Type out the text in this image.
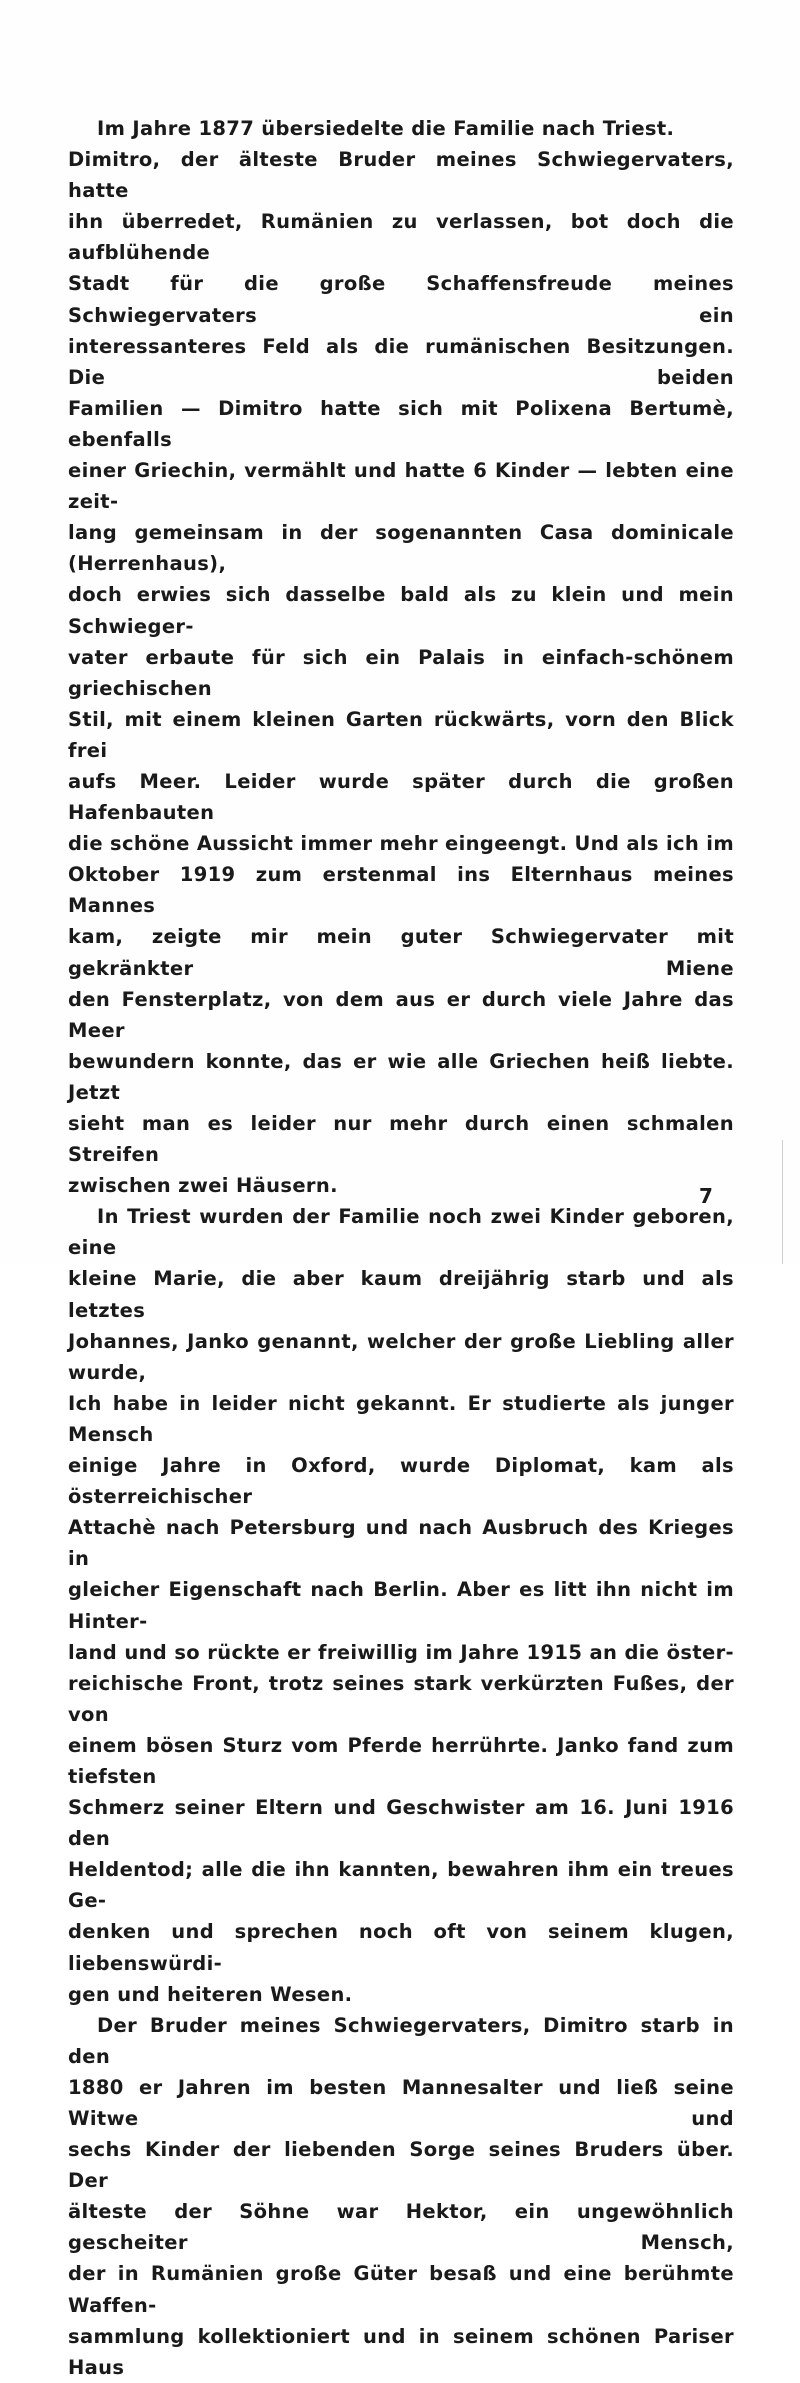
Im Jahre 1877 übersiedelte die Familie nach Triest.

Dimitro, der älteste Bruder meines Schwiegervaters, hatte

ihn überredet, Rumänien zu verlassen, bot doch die aufblühende

Stadt für die große Schaffensfreude meines Schwiegervaters ein

interessanteres Feld als die rumänischen Besitzungen. Die beiden

Familien — Dimitro hatte sich mit Polixena Bertumè, ebenfalls

einer Griechin, vermählt und hatte 6 Kinder — lebten eine zeit-

lang gemeinsam in der sogenannten Casa dominicale (Herrenhaus),

doch erwies sich dasselbe bald als zu klein und mein Schwieger-

vater erbaute für sich ein Palais in einfach-schönem griechischen

Stil, mit einem kleinen Garten rückwärts, vorn den Blick frei

aufs Meer. Leider wurde später durch die großen Hafenbauten

die schöne Aussicht immer mehr eingeengt. Und als ich im

Oktober 1919 zum erstenmal ins Elternhaus meines Mannes

kam, zeigte mir mein guter Schwiegervater mit gekränkter Miene

den Fensterplatz, von dem aus er durch viele Jahre das Meer

bewundern konnte, das er wie alle Griechen heiß liebte. Jetzt

sieht man es leider nur mehr durch einen schmalen Streifen

zwischen zwei Häusern.

In Triest wurden der Familie noch zwei Kinder geboren, eine

kleine Marie, die aber kaum dreijährig starb und als letztes

Johannes, Janko genannt, welcher der große Liebling aller wurde,

Ich habe in leider nicht gekannt. Er studierte als junger Mensch

einige Jahre in Oxford, wurde Diplomat, kam als österreichischer

Attachè nach Petersburg und nach Ausbruch des Krieges in

gleicher Eigenschaft nach Berlin. Aber es litt ihn nicht im Hinter-

land und so rückte er freiwillig im Jahre 1915 an die öster-

reichische Front, trotz seines stark verkürzten Fußes, der von

einem bösen Sturz vom Pferde herrührte. Janko fand zum tiefsten

Schmerz seiner Eltern und Geschwister am 16. Juni 1916 den

Heldentod; alle die ihn kannten, bewahren ihm ein treues Ge-

denken und sprechen noch oft von seinem klugen, liebenswürdi-

gen und heiteren Wesen.

Der Bruder meines Schwiegervaters, Dimitro starb in den

1880 er Jahren im besten Mannesalter und ließ seine Witwe und

sechs Kinder der liebenden Sorge seines Bruders über. Der

älteste der Söhne war Hektor, ein ungewöhnlich gescheiter Mensch,

der in Rumänien große Güter besaß und eine berühmte Waffen-

sammlung kollektioniert und in seinem schönen Pariser Haus

7
